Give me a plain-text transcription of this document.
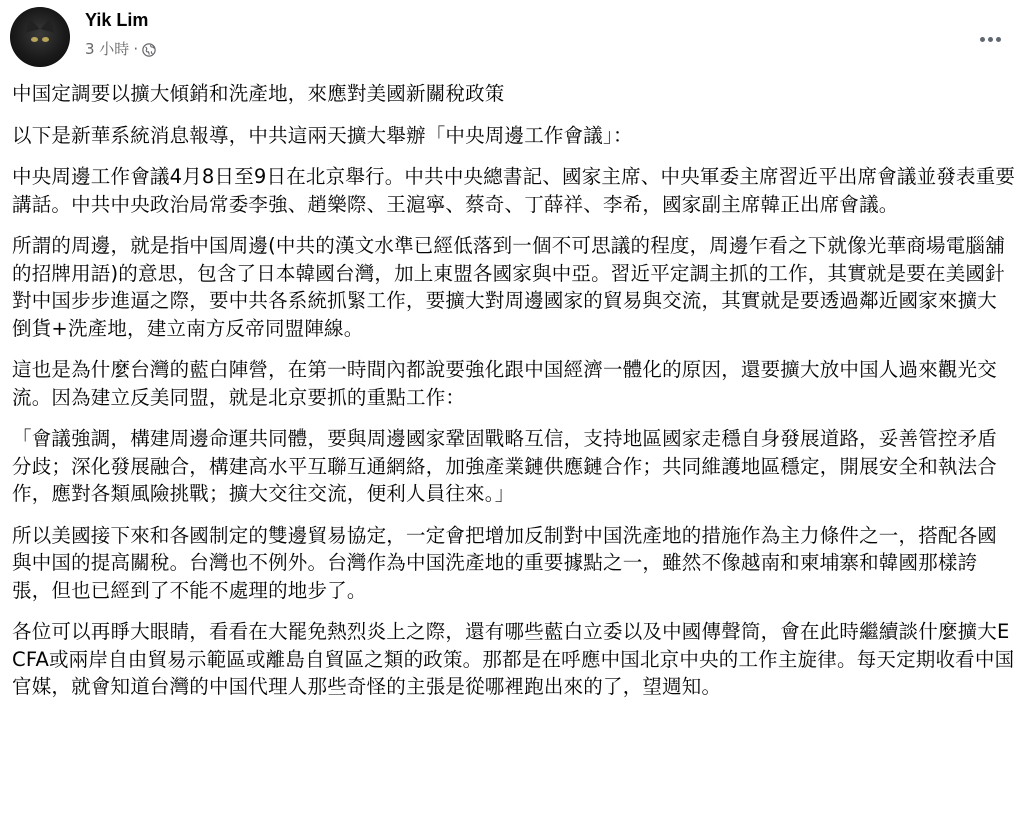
Yik Lim
3 小時 ·

中国定調要以擴大傾銷和洗產地，來應對美國新關稅政策

以下是新華系統消息報導，中共這兩天擴大舉辦「中央周邊工作會議」：

中央周邊工作會議4月8日至9日在北京舉行。中共中央總書記、國家主席、中央軍委主席習近平出席會議並發表重要講話。中共中央政治局常委李強、趙樂際、王滬寧、蔡奇、丁薛祥、李希，國家副主席韓正出席會議。

所謂的周邊，就是指中国周邊(中共的漢文水準已經低落到一個不可思議的程度，周邊乍看之下就像光華商場電腦舖的招牌用語)的意思，包含了日本韓國台灣，加上東盟各國家與中亞。習近平定調主抓的工作，其實就是要在美國針對中国步步進逼之際，要中共各系統抓緊工作，要擴大對周邊國家的貿易與交流，其實就是要透過鄰近國家來擴大倒貨+洗產地，建立南方反帝同盟陣線。

這也是為什麼台灣的藍白陣營，在第一時間內都說要強化跟中国經濟一體化的原因，還要擴大放中国人過來觀光交流。因為建立反美同盟，就是北京要抓的重點工作：

「會議強調，構建周邊命運共同體，要與周邊國家鞏固戰略互信，支持地區國家走穩自身發展道路，妥善管控矛盾分歧；深化發展融合，構建高水平互聯互通網絡，加強產業鏈供應鏈合作；共同維護地區穩定，開展安全和執法合作，應對各類風險挑戰；擴大交往交流，便利人員往來。」

所以美國接下來和各國制定的雙邊貿易協定，一定會把增加反制對中国洗產地的措施作為主力條件之一，搭配各國與中国的提高關稅。台灣也不例外。台灣作為中国洗產地的重要據點之一，雖然不像越南和柬埔寨和韓國那樣誇張，但也已經到了不能不處理的地步了。

各位可以再睜大眼睛，看看在大罷免熱烈炎上之際，還有哪些藍白立委以及中國傳聲筒，會在此時繼續談什麼擴大ECFA或兩岸自由貿易示範區或離島自貿區之類的政策。那都是在呼應中国北京中央的工作主旋律。每天定期收看中国官媒，就會知道台灣的中国代理人那些奇怪的主張是從哪裡跑出來的了，望週知。
